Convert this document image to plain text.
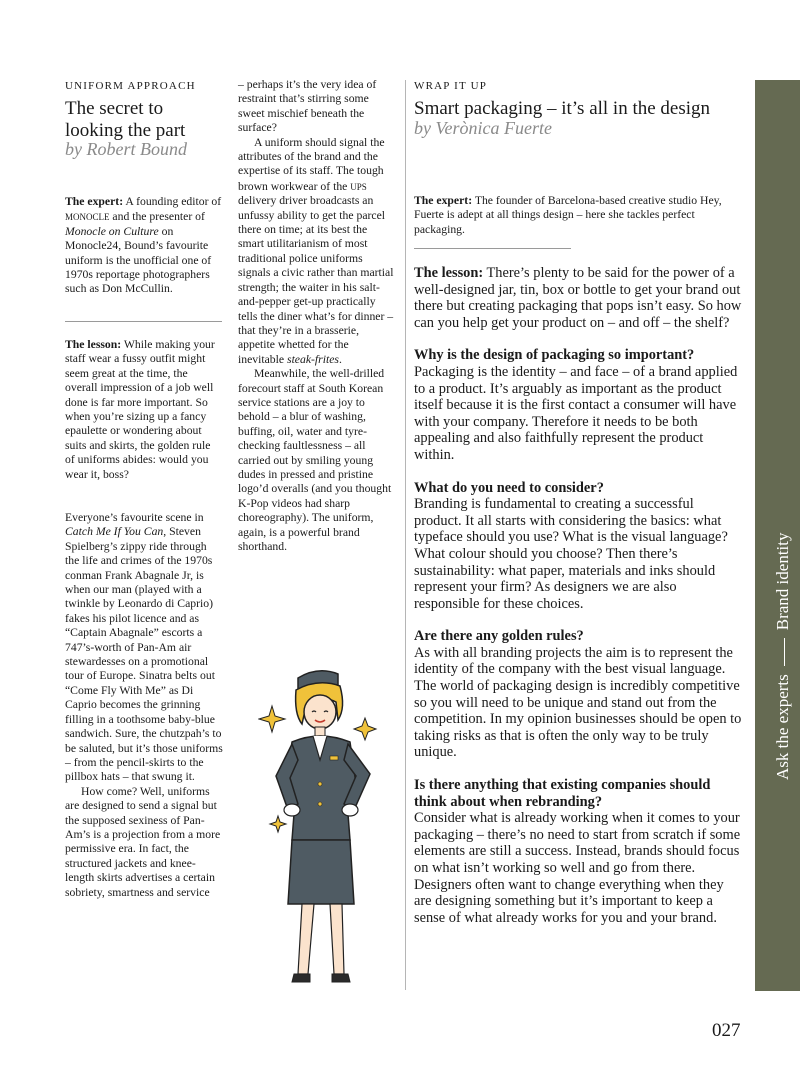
UNIFORM APPROACH
The secret to looking the part
by Robert Bound
The expert: A founding editor of monocle and the presenter of Monocle on Culture on Monocle24, Bound’s favourite uniform is the unofficial one of 1970s reportage photographers such as Don McCullin.
The lesson: While making your staff wear a fussy outfit might seem great at the time, the overall impression of a job well done is far more important. So when you’re sizing up a fancy epaulette or wondering about suits and skirts, the golden rule of uniforms abides: would you wear it, boss?

Everyone’s favourite scene in Catch Me If You Can, Steven Spielberg’s zippy ride through the life and crimes of the 1970s conman Frank Abagnale Jr, is when our man (played with a twinkle by Leonardo di Caprio) fakes his pilot licence and as “Captain Abagnale” escorts a 747’s-worth of Pan-Am air stewardesses on a promotional tour of Europe. Sinatra belts out “Come Fly With Me” as Di Caprio becomes the grinning filling in a toothsome baby-blue sandwich. Sure, the chutzpah’s to be saluted, but it’s those uniforms – from the pencil-skirts to the pillbox hats – that swung it.

How come? Well, uniforms are designed to send a signal but the supposed sexiness of Pan-Am’s is a projection from a more permissive era. In fact, the structured jackets and knee-length skirts advertises a certain sobriety, smartness and service

– perhaps it’s the very idea of restraint that’s stirring some sweet mischief beneath the surface?

A uniform should signal the attributes of the brand and the expertise of its staff. The tough brown workwear of the ups delivery driver broadcasts an unfussy ability to get the parcel there on time; at its best the smart utilitarianism of most traditional police uniforms signals a civic rather than martial strength; the waiter in his salt-and-pepper get-up practically tells the diner what’s for dinner – that they’re in a brasserie, appetite whetted for the inevitable steak-frites.

Meanwhile, the well-drilled forecourt staff at South Korean service stations are a joy to behold – a blur of washing, buffing, oil, water and tyre-checking faultlessness – all carried out by smiling young dudes in pressed and pristine logo’d overalls (and you thought K-Pop videos had sharp choreography). The uniform, again, is a powerful brand shorthand.

WRAP IT UP
Smart packaging – it’s all in the design
by Verònica Fuerte
The expert: The founder of Barcelona-based creative studio Hey, Fuerte is adept at all things design – here she tackles perfect packaging.

The lesson: There’s plenty to be said for the power of a well-designed jar, tin, box or bottle to get your brand out there but creating packaging that pops isn’t easy. So how can you help get your product on – and off – the shelf?

Why is the design of packaging so important?

Packaging is the identity – and face – of a brand applied to a product. It’s arguably as important as the product itself because it is the first contact a consumer will have with your company. Therefore it needs to be both appealing and also faithfully represent the product within.

What do you need to consider?

Branding is fundamental to creating a successful product. It all starts with considering the basics: what typeface should you use? What is the visual language? What colour should you choose? Then there’s sustainability: what paper, materials and inks should represent your firm? As designers we are also responsible for these choices.

Are there any golden rules?

As with all branding projects the aim is to represent the identity of the company with the best visual language. The world of packaging design is incredibly competitive so you will need to be unique and stand out from the competition. In my opinion businesses should be open to taking risks as that is often the only way to be truly unique.

Is there anything that existing companies should think about when rebranding?

Consider what is already working when it comes to your packaging – there’s no need to start from scratch if some elements are still a success. Instead, brands should focus on what isn’t working so well and go from there. Designers often want to change everything when they are designing something but it’s important to keep a sense of what already works for you and your brand.

Ask the expertsBrand identity
027
